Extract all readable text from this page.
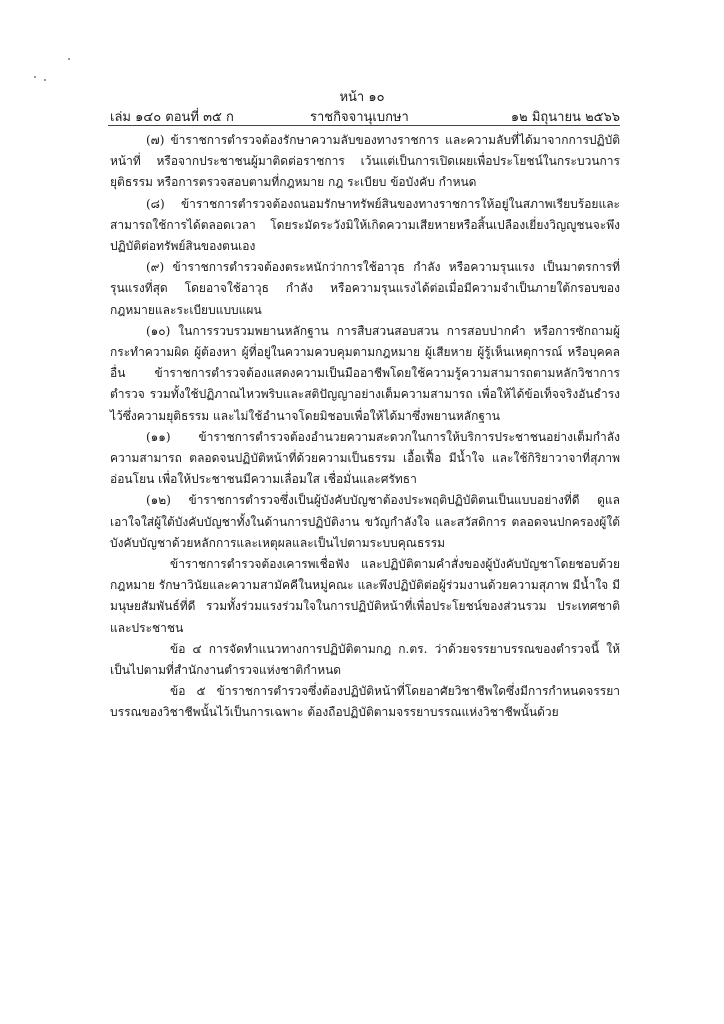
หน้า ๑๐
เล่ม ๑๔๐ ตอนที่ ๓๕ ก	ราชกิจจานุเบกษา	๑๒ มิถุนายน ๒๕๖๖

(๗) ข้าราชการตำรวจต้องรักษาความลับของทางราชการ และความลับที่ได้มาจากการปฏิบัติหน้าที่ หรือจากประชาชนผู้มาติดต่อราชการ เว้นแต่เป็นการเปิดเผยเพื่อประโยชน์ในกระบวนการยุติธรรม หรือการตรวจสอบตามที่กฎหมาย กฎ ระเบียบ ข้อบังคับ กำหนด

(๘) ข้าราชการตำรวจต้องถนอมรักษาทรัพย์สินของทางราชการให้อยู่ในสภาพเรียบร้อยและสามารถใช้การได้ตลอดเวลา โดยระมัดระวังมิให้เกิดความเสียหายหรือสิ้นเปลืองเยี่ยงวิญญูชนจะพึงปฏิบัติต่อทรัพย์สินของตนเอง

(๙) ข้าราชการตำรวจต้องตระหนักว่าการใช้อาวุธ กำลัง หรือความรุนแรง เป็นมาตรการที่รุนแรงที่สุด โดยอาจใช้อาวุธ กำลัง หรือความรุนแรงได้ต่อเมื่อมีความจำเป็นภายใต้กรอบของกฎหมายและระเบียบแบบแผน

(๑๐) ในการรวบรวมพยานหลักฐาน การสืบสวนสอบสวน การสอบปากคำ หรือการซักถามผู้กระทำความผิด ผู้ต้องหา ผู้ที่อยู่ในความควบคุมตามกฎหมาย ผู้เสียหาย ผู้รู้เห็นเหตุการณ์ หรือบุคคลอื่น ข้าราชการตำรวจต้องแสดงความเป็นมืออาชีพโดยใช้ความรู้ความสามารถตามหลักวิชาการตำรวจ รวมทั้งใช้ปฏิภาณไหวพริบและสติปัญญาอย่างเต็มความสามารถ เพื่อให้ได้ข้อเท็จจริงอันธำรงไว้ซึ่งความยุติธรรม และไม่ใช้อำนาจโดยมิชอบเพื่อให้ได้มาซึ่งพยานหลักฐาน

(๑๑) ข้าราชการตำรวจต้องอำนวยความสะดวกในการให้บริการประชาชนอย่างเต็มกำลังความสามารถ ตลอดจนปฏิบัติหน้าที่ด้วยความเป็นธรรม เอื้อเฟื้อ มีน้ำใจ และใช้กิริยาวาจาที่สุภาพอ่อนโยน เพื่อให้ประชาชนมีความเลื่อมใส เชื่อมั่นและศรัทธา

(๑๒) ข้าราชการตำรวจซึ่งเป็นผู้บังคับบัญชาต้องประพฤติปฏิบัติตนเป็นแบบอย่างที่ดี ดูแลเอาใจใส่ผู้ใต้บังคับบัญชาทั้งในด้านการปฏิบัติงาน ขวัญกำลังใจ และสวัสดิการ ตลอดจนปกครองผู้ใต้บังคับบัญชาด้วยหลักการและเหตุผลและเป็นไปตามระบบคุณธรรม

ข้าราชการตำรวจต้องเคารพเชื่อฟัง และปฏิบัติตามคำสั่งของผู้บังคับบัญชาโดยชอบด้วยกฎหมาย รักษาวินัยและความสามัคคีในหมู่คณะ และพึงปฏิบัติต่อผู้ร่วมงานด้วยความสุภาพ มีน้ำใจ มีมนุษยสัมพันธ์ที่ดี รวมทั้งร่วมแรงร่วมใจในการปฏิบัติหน้าที่เพื่อประโยชน์ของส่วนรวม ประเทศชาติ และประชาชน

ข้อ ๔ การจัดทำแนวทางการปฏิบัติตามกฎ ก.ตร. ว่าด้วยจรรยาบรรณของตำรวจนี้ ให้เป็นไปตามที่สำนักงานตำรวจแห่งชาติกำหนด

ข้อ ๕ ข้าราชการตำรวจซึ่งต้องปฏิบัติหน้าที่โดยอาศัยวิชาชีพใดซึ่งมีการกำหนดจรรยาบรรณของวิชาชีพนั้นไว้เป็นการเฉพาะ ต้องถือปฏิบัติตามจรรยาบรรณแห่งวิชาชีพนั้นด้วย
